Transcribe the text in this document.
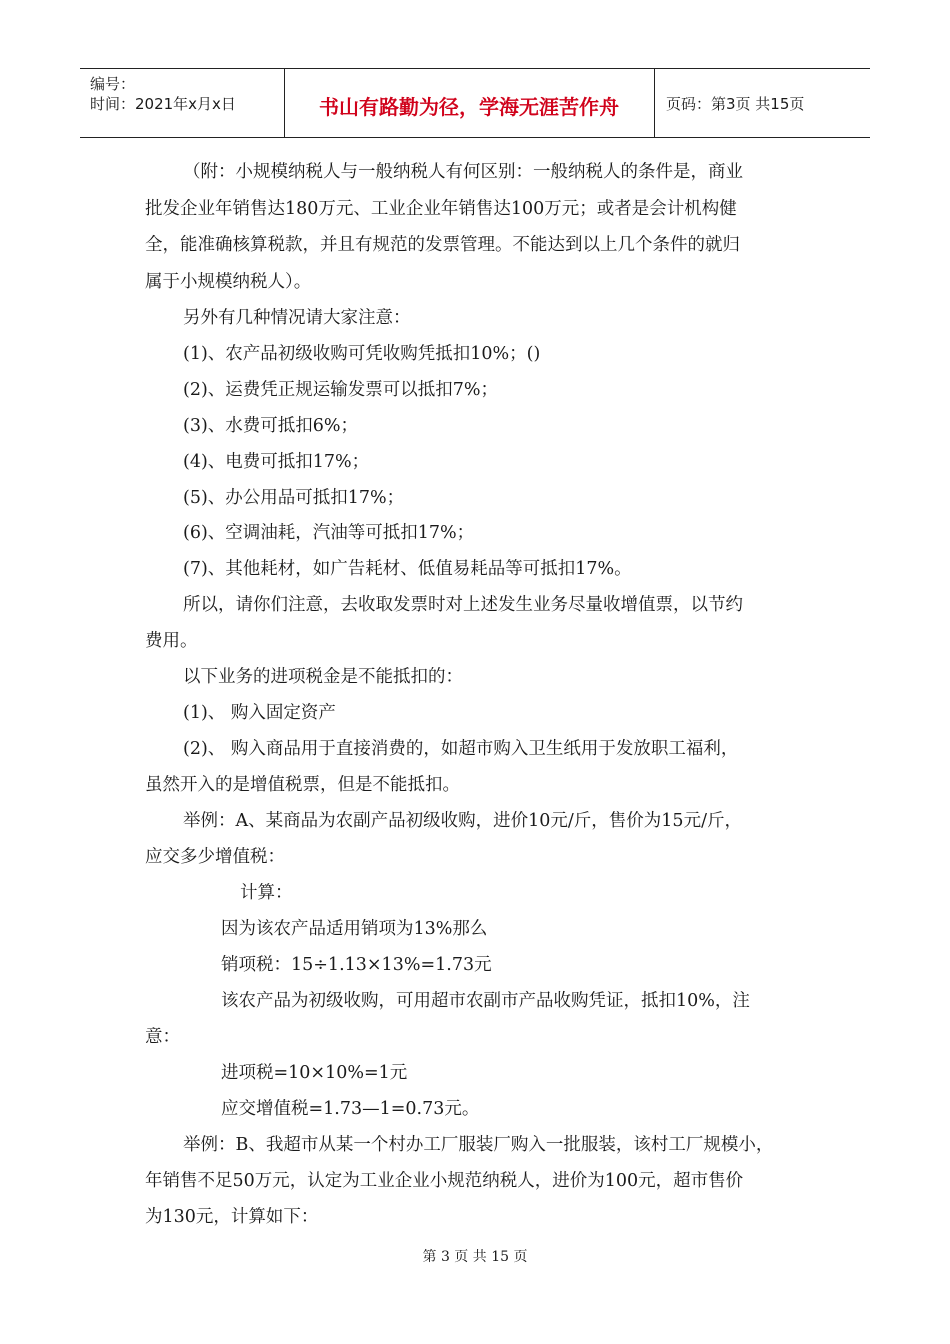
编号：
时间：2021年x月x日	书山有路勤为径，学海无涯苦作舟	页码：第3页 共15页
（附：小规模纳税人与一般纳税人有何区别：一般纳税人的条件是，商业
批发企业年销售达180万元、工业企业年销售达100万元；或者是会计机构健
全，能准确核算税款，并且有规范的发票管理。不能达到以上几个条件的就归
属于小规模纳税人）。
另外有几种情况请大家注意：
(1)、农产品初级收购可凭收购凭抵扣10%；()
(2)、运费凭正规运输发票可以抵扣7%；
(3)、水费可抵扣6%；
(4)、电费可抵扣17%；
(5)、办公用品可抵扣17%；
(6)、空调油耗，汽油等可抵扣17%；
(7)、其他耗材，如广告耗材、低值易耗品等可抵扣17%。
所以，请你们注意，去收取发票时对上述发生业务尽量收增值票，以节约
费用。
以下业务的进项税金是不能抵扣的：
(1)、 购入固定资产
(2)、 购入商品用于直接消费的，如超市购入卫生纸用于发放职工福利，
虽然开入的是增值税票，但是不能抵扣。
举例：A、某商品为农副产品初级收购，进价10元/斤，售价为15元/斤，
应交多少增值税：
计算：
因为该农产品适用销项为13%那么
销项税：15÷1.13×13%=1.73元
该农产品为初级收购，可用超市农副市产品收购凭证，抵扣10%，注
意：
进项税=10×10%=1元
应交增值税=1.73—1=0.73元。
举例：B、我超市从某一个村办工厂服装厂购入一批服装，该村工厂规模小，
年销售不足50万元，认定为工业企业小规范纳税人，进价为100元，超市售价
为130元，计算如下：
第 3 页 共 15 页
